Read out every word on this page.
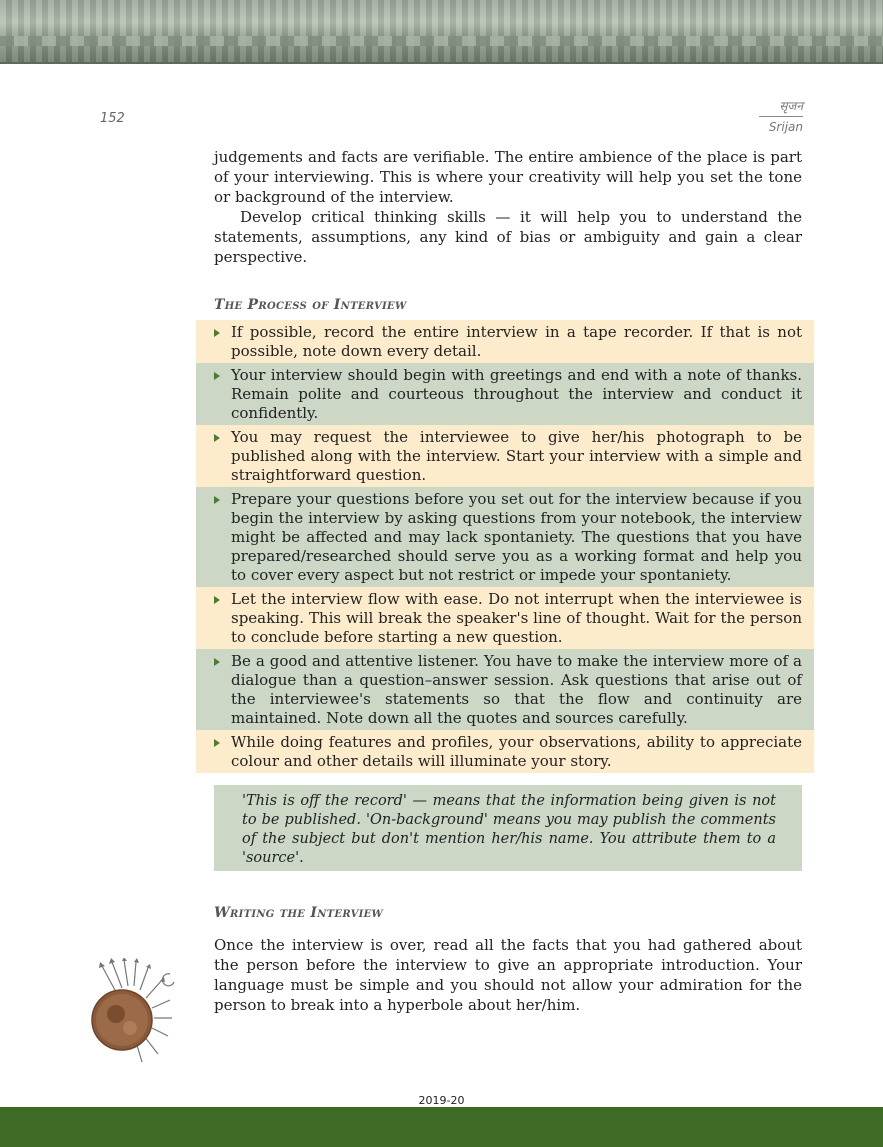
152
सृजन
Srijan

judgements and facts are verifiable. The entire ambience of the place is part of your interviewing. This is where your creativity will help you set the tone or background of the interview.

Develop critical thinking skills — it will help you to understand the statements, assumptions, any kind of bias or ambiguity and gain a clear perspective.

The Process of Interview
If possible, record the entire interview in a tape recorder. If that is not possible, note down every detail.
Your interview should begin with greetings and end with a note of thanks. Remain polite and courteous throughout the interview and conduct it confidently.
You may request the interviewee to give her/his photograph to be published along with the interview. Start your interview with a simple and straightforward question.
Prepare your questions before you set out for the interview because if you begin the interview by asking questions from your notebook, the interview might be affected and may lack spontaniety. The questions that you have prepared/researched should serve you as a working format and help you to cover every aspect but not restrict or impede your spontaniety.
Let the interview flow with ease. Do not interrupt when the interviewee is speaking. This will break the speaker's line of thought. Wait for the person to conclude before starting a new question.
Be a good and attentive listener. You have to make the interview more of a dialogue than a question–answer session. Ask questions that arise out of the interviewee's statements so that the flow and continuity are maintained. Note down all the quotes and sources carefully.
While doing features and profiles, your observations, ability to appreciate colour and other details will illuminate your story.
'This is off the record' — means that the information being given is not to be published. 'On-background' means you may publish the comments of the subject but don't mention her/his name. You attribute them to a 'source'.
Writing the Interview

Once the interview is over, read all the facts that you had gathered about the person before the interview to give an appropriate introduction. Your language must be simple and you should not allow your admiration for the person to break into a hyperbole about her/him.

2019-20
